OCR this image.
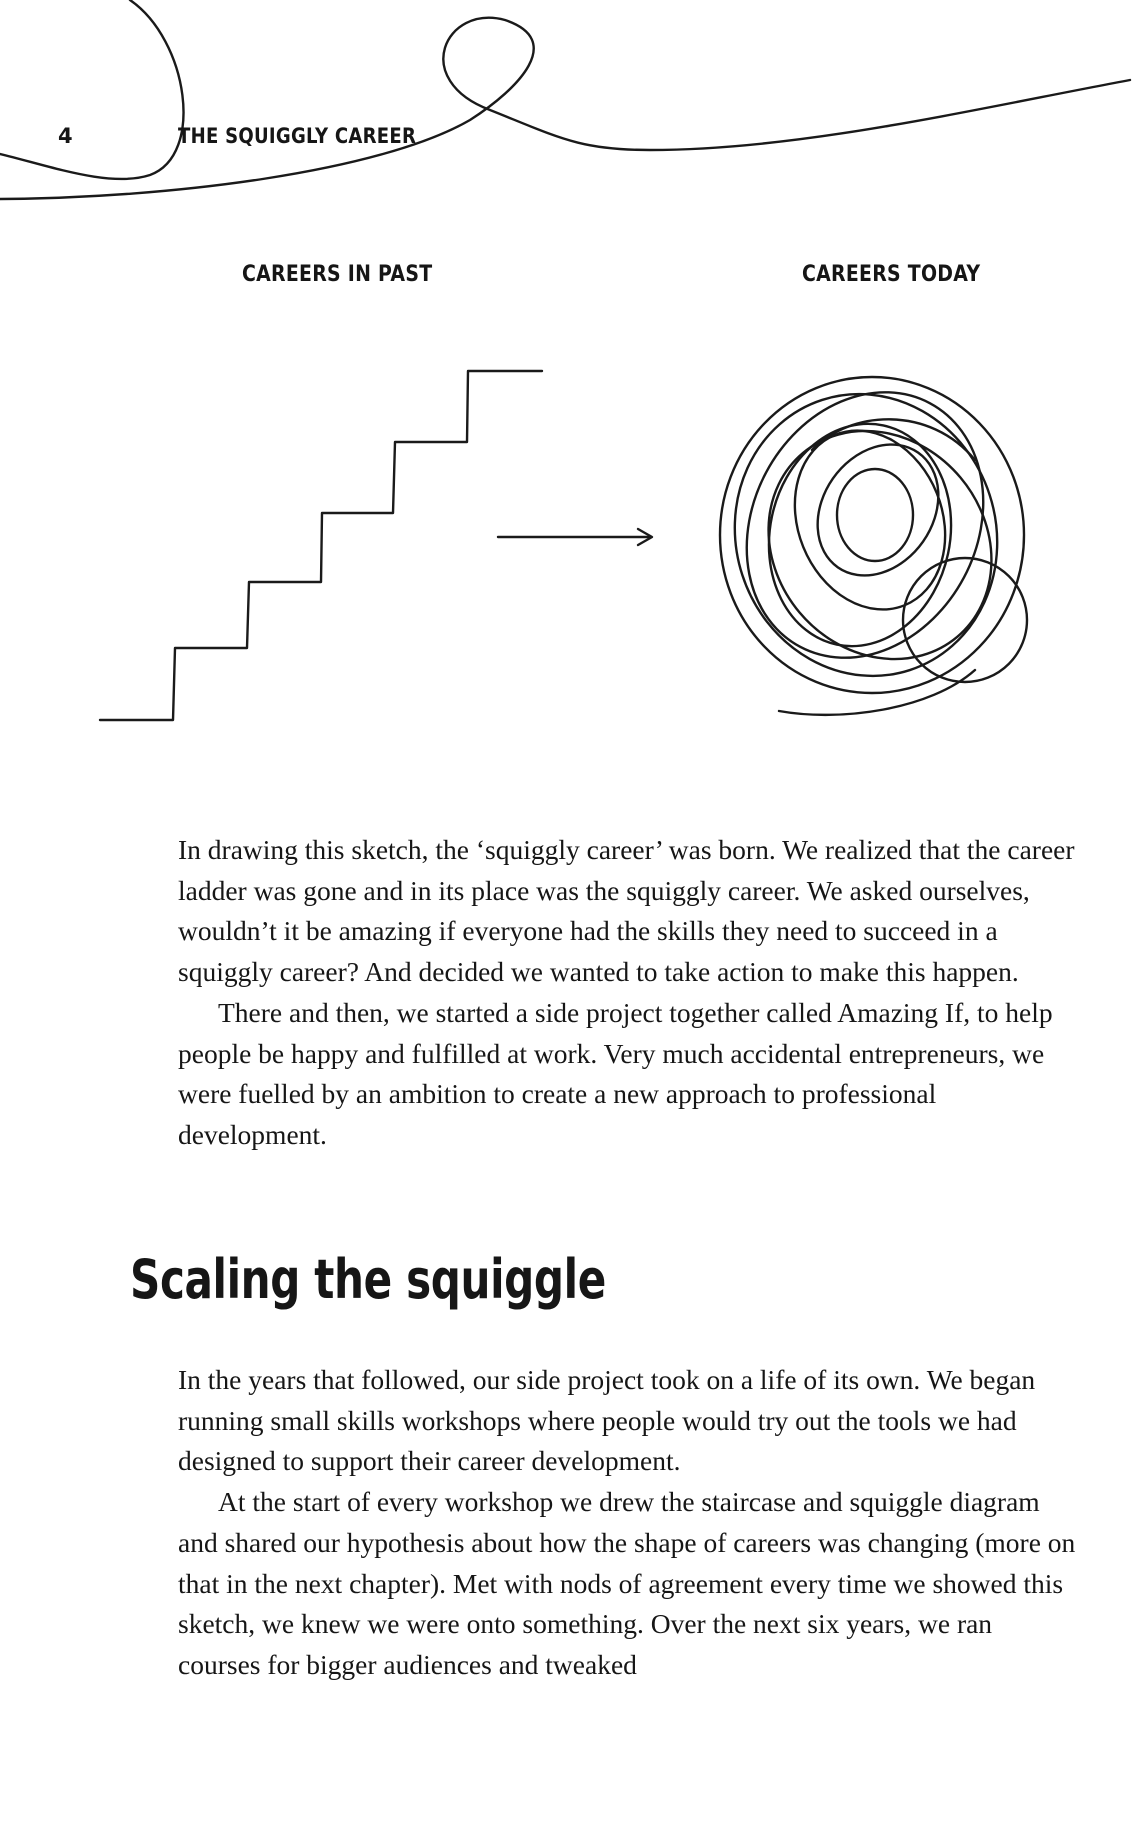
4	THE SQUIGGLY CAREER
CAREERS IN PAST	CAREERS TODAY

In drawing this sketch, the ‘squiggly career’ was born. We realized that the career ladder was gone and in its place was the squiggly career. We asked ourselves, wouldn’t it be amazing if everyone had the skills they need to succeed in a squiggly career? And decided we wanted to take action to make this happen.

There and then, we started a side project together called Amazing If, to help people be happy and fulfilled at work. Very much accidental entrepreneurs, we were fuelled by an ambition to create a new approach to professional development.

Scaling the squiggle

In the years that followed, our side project took on a life of its own. We began running small skills workshops where people would try out the tools we had designed to support their career development.

At the start of every workshop we drew the staircase and squiggle diagram and shared our hypothesis about how the shape of careers was changing (more on that in the next chapter). Met with nods of agreement every time we showed this sketch, we knew we were onto something. Over the next six years, we ran courses for bigger audiences and tweaked
